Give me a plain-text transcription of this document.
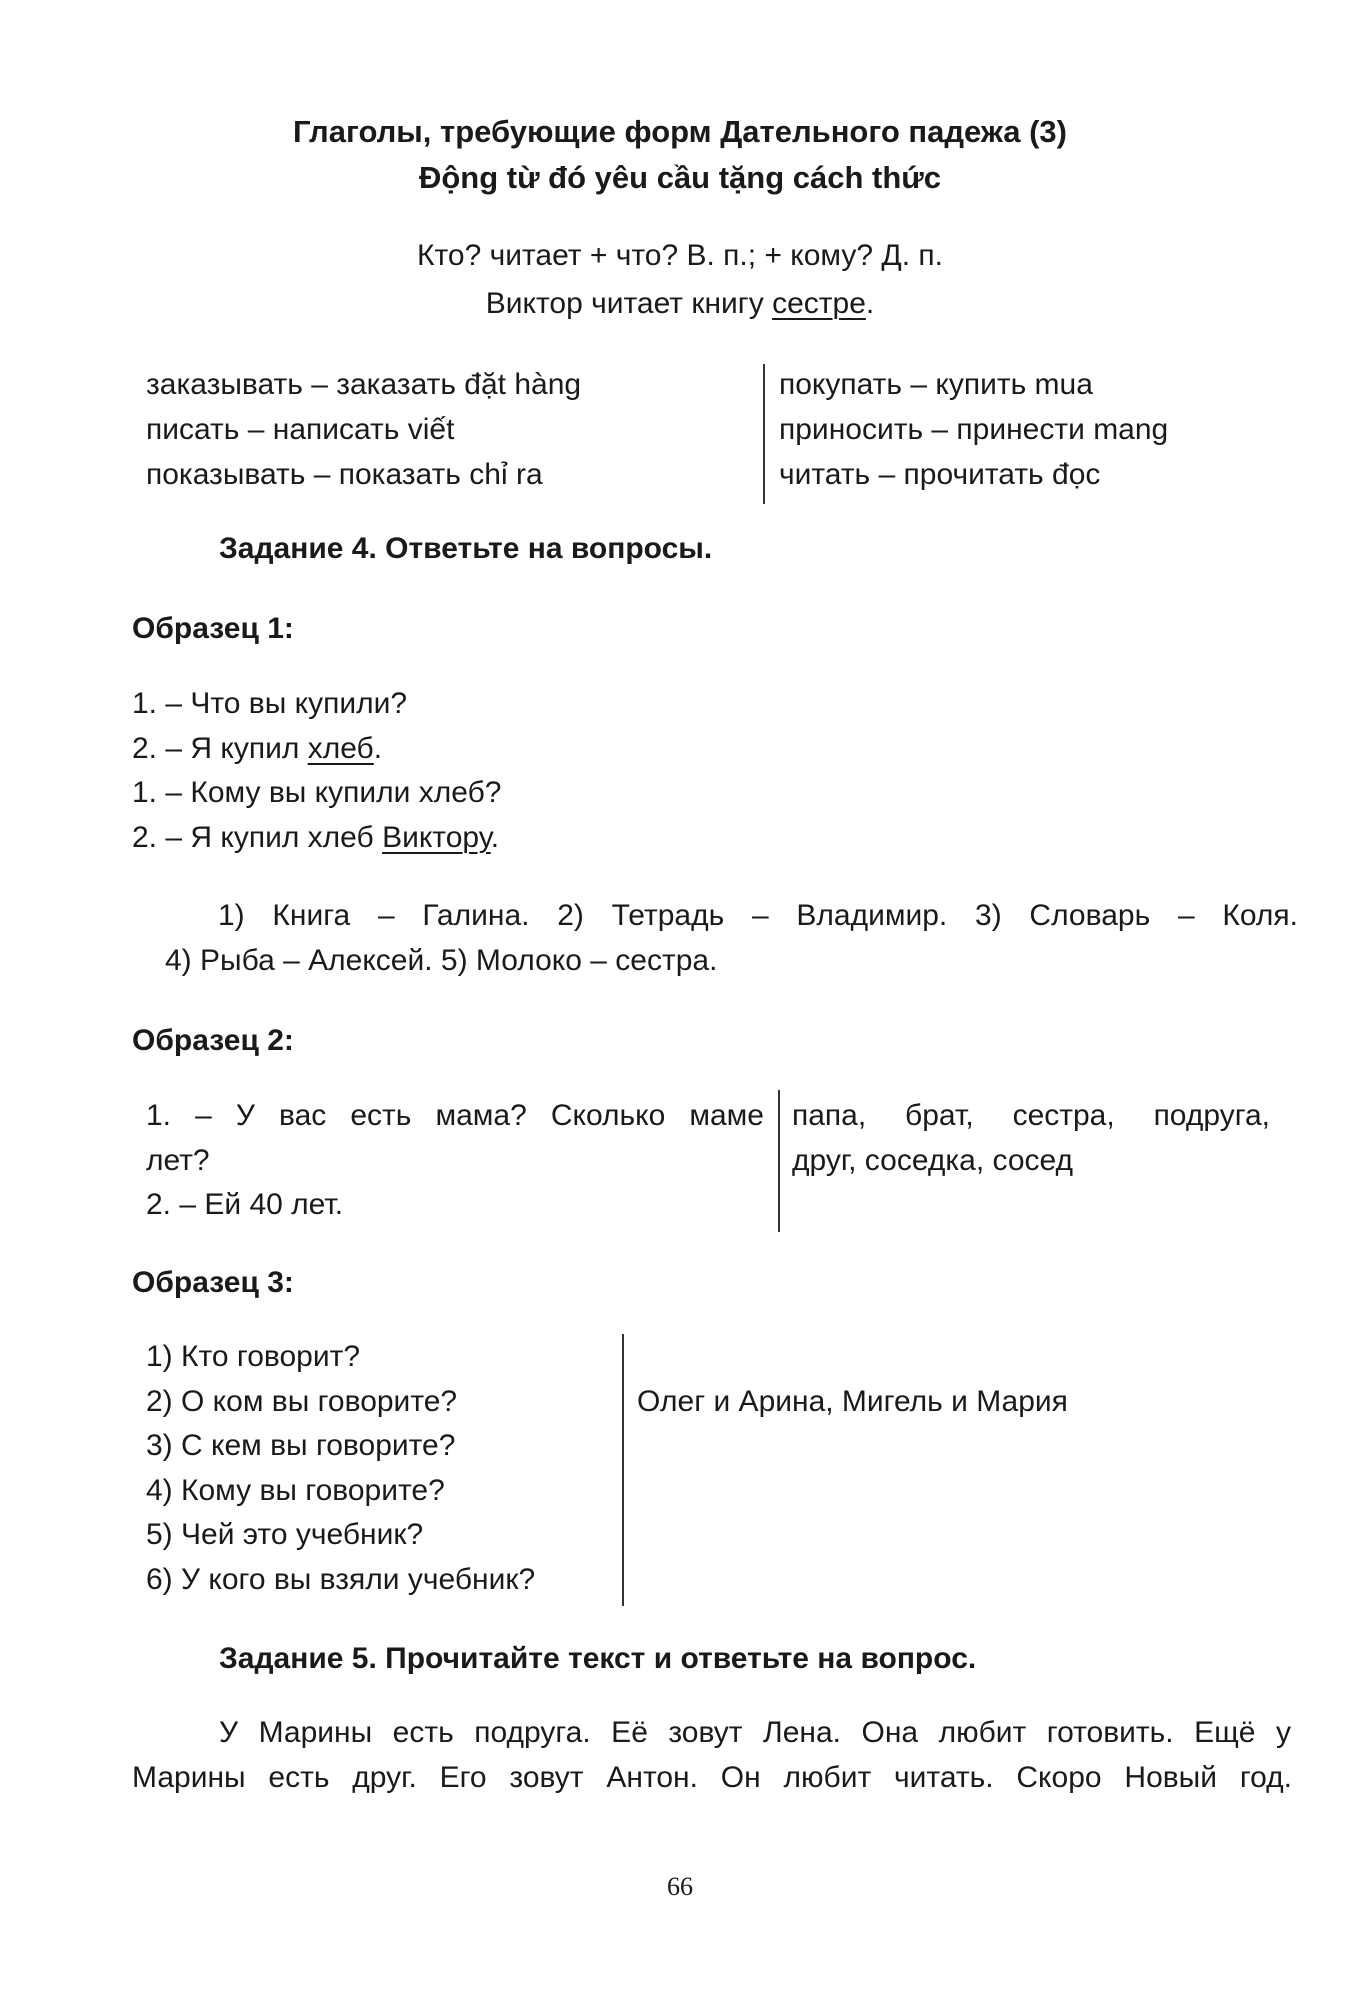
Глаголы, требующие форм Дательного падежа (3)
Động từ đó yêu cầu tặng cách thức
Кто? читает + что? В. п.; + кому? Д. п.
Виктор читает книгу сестре.
заказывать – заказать đặt hàng
писать – написать viết
показывать – показать chỉ ra
покупать – купить mua
приносить – принести mang
читать – прочитать đọc
Задание 4. Ответьте на вопросы.
Образец 1:
1. – Что вы купили?
2. – Я купил хлеб.
1. – Кому вы купили хлеб?
2. – Я купил хлеб Виктору.
1) Книга – Галина. 2) Тетрадь – Владимир. 3) Словарь – Коля.
4) Рыба – Алексей. 5) Молоко – сестра.
Образец 2:
1. – У вас есть мама? Сколько маме
лет?
2. – Ей 40 лет.
папа, брат, сестра, подруга,
друг, соседка, сосед
Образец 3:
1) Кто говорит?
2) О ком вы говорите?
3) С кем вы говорите?
4) Кому вы говорите?
5) Чей это учебник?
6) У кого вы взяли учебник?
Олег и Арина, Мигель и Мария
Задание 5. Прочитайте текст и ответьте на вопрос.
У Марины есть подруга. Её зовут Лена. Она любит готовить. Ещё у
Марины есть друг. Его зовут Антон. Он любит читать. Скоро Новый год.
66
